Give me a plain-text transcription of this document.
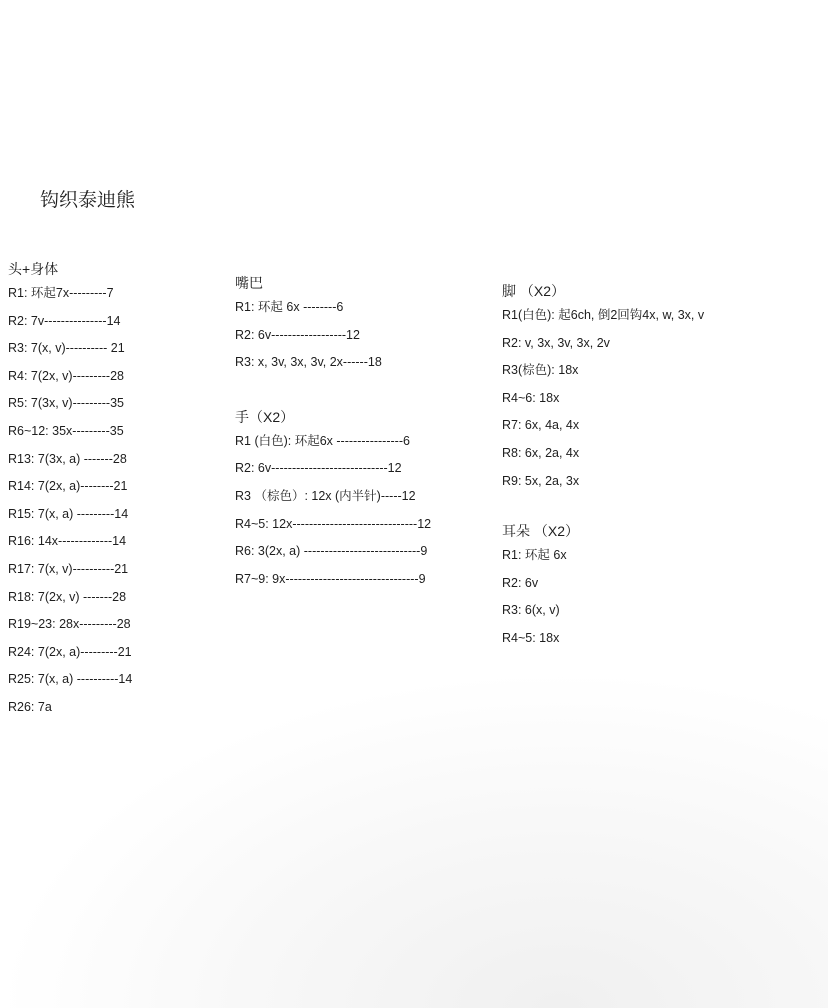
钩织泰迪熊
头+身体
R1: 环起7x---------7
R2: 7v---------------14
R3: 7(x, v)---------- 21
R4: 7(2x, v)---------28
R5: 7(3x, v)---------35
R6~12: 35x---------35
R13: 7(3x, a) -------28
R14: 7(2x, a)--------21
R15: 7(x, a) ---------14
R16: 14x-------------14
R17: 7(x, v)----------21
R18: 7(2x, v) -------28
R19~23: 28x---------28
R24: 7(2x, a)---------21
R25: 7(x, a) ----------14
R26: 7a
嘴巴
R1: 环起 6x --------6
R2: 6v------------------12
R3: x, 3v, 3x, 3v, 2x------18
手（X2）
R1 (白色): 环起6x ----------------6
R2: 6v----------------------------12
R3 （棕色）: 12x (内半针)-----12
R4~5: 12x------------------------------12
R6: 3(2x, a) ----------------------------9
R7~9: 9x--------------------------------9
脚 （X2）
R1(白色): 起6ch, 倒2回钩4x, w, 3x, v
R2: v, 3x, 3v, 3x, 2v
R3(棕色): 18x
R4~6: 18x
R7: 6x, 4a, 4x
R8: 6x, 2a, 4x
R9: 5x, 2a, 3x
耳朵 （X2）
R1: 环起 6x
R2: 6v
R3: 6(x, v)
R4~5: 18x
